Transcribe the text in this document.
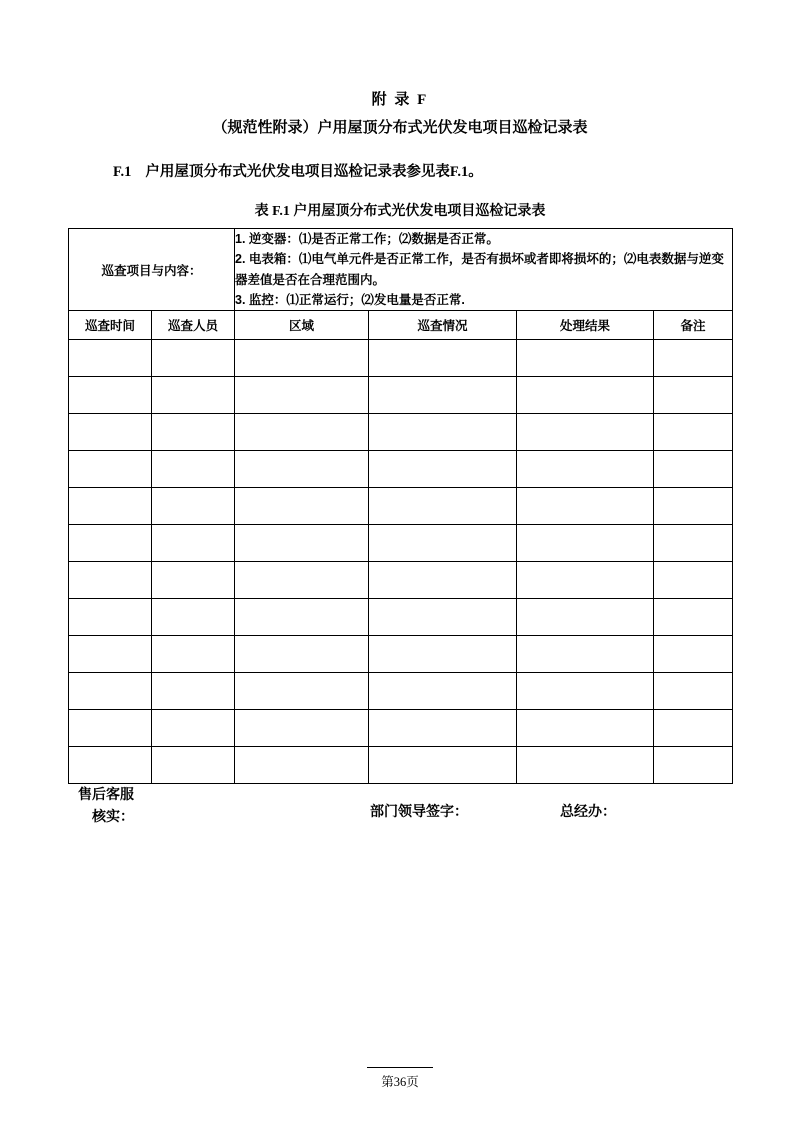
附 录 F
（规范性附录）户用屋顶分布式光伏发电项目巡检记录表
F.1 户用屋顶分布式光伏发电项目巡检记录表参见表F.1。
表 F.1 户用屋顶分布式光伏发电项目巡检记录表
巡查项目与内容：		1. 逆变器：⑴是否正常工作；⑵数据是否正常。
2. 电表箱：⑴电气单元件是否正常工作，是否有损坏或者即将损坏的；⑵电表数据与逆变器差值是否在合理范围内。
3. 监控：⑴正常运行；⑵发电量是否正常.			

巡查时间	巡查人员	区域	巡查情况	处理结果	备注

售后客服
核实：	部门领导签字：	总经办：
第36页
